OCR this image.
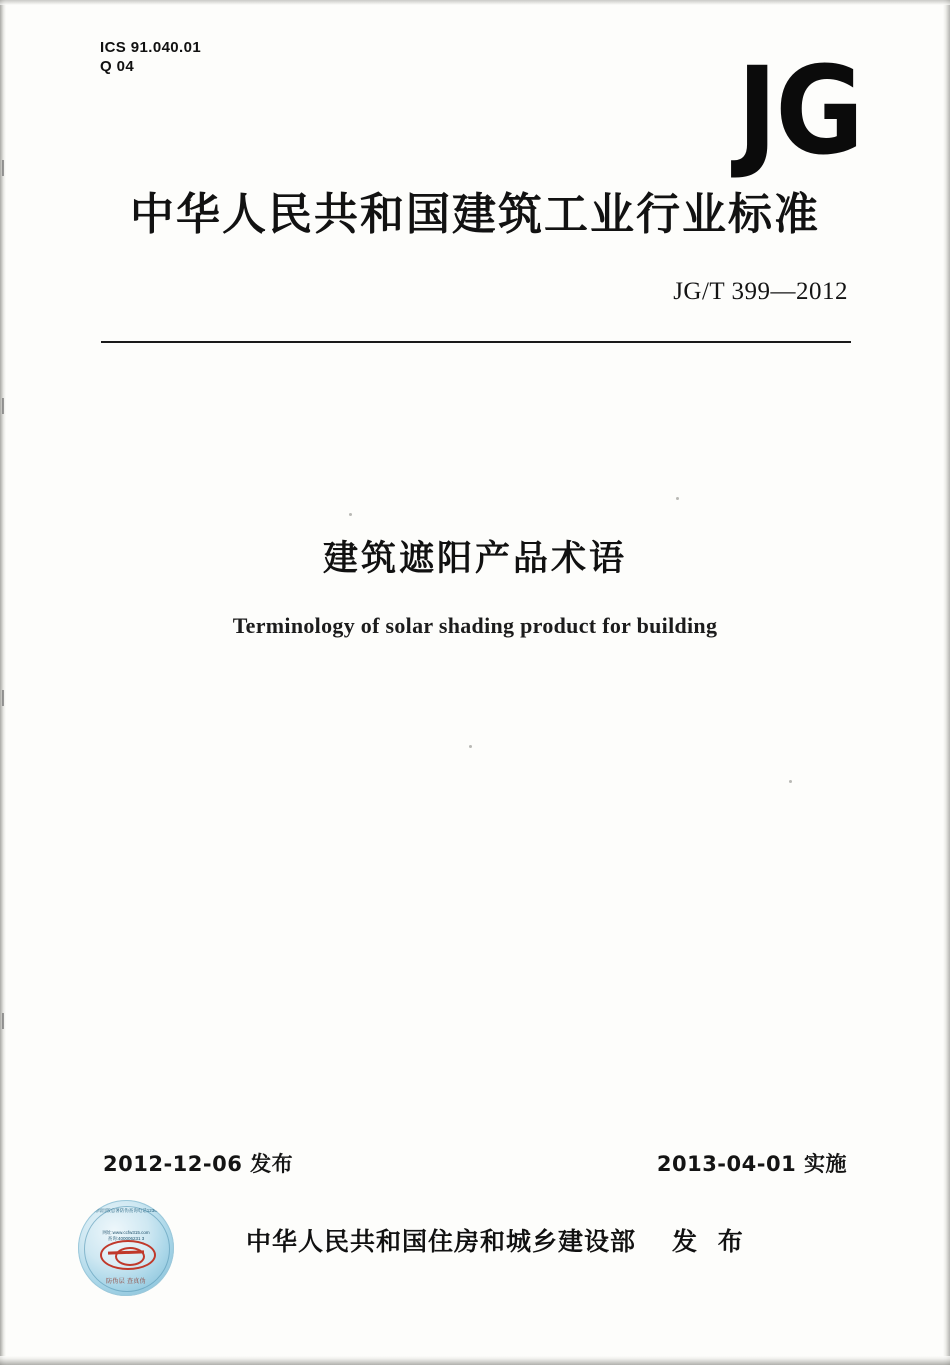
ICS 91.040.01
Q 04	JG
中华人民共和国建筑工业行业标准
JG/T 399—2012
建筑遮阳产品术语
Terminology of solar shading product for building
2012-12-06 发布	2013-04-01 实施
新闻出版总署防伪查询电话12365
网址:www.ccfw315.com
查询:400006231 3
防伪层 查真伪
中华人民共和国住房和城乡建设部 发 布
